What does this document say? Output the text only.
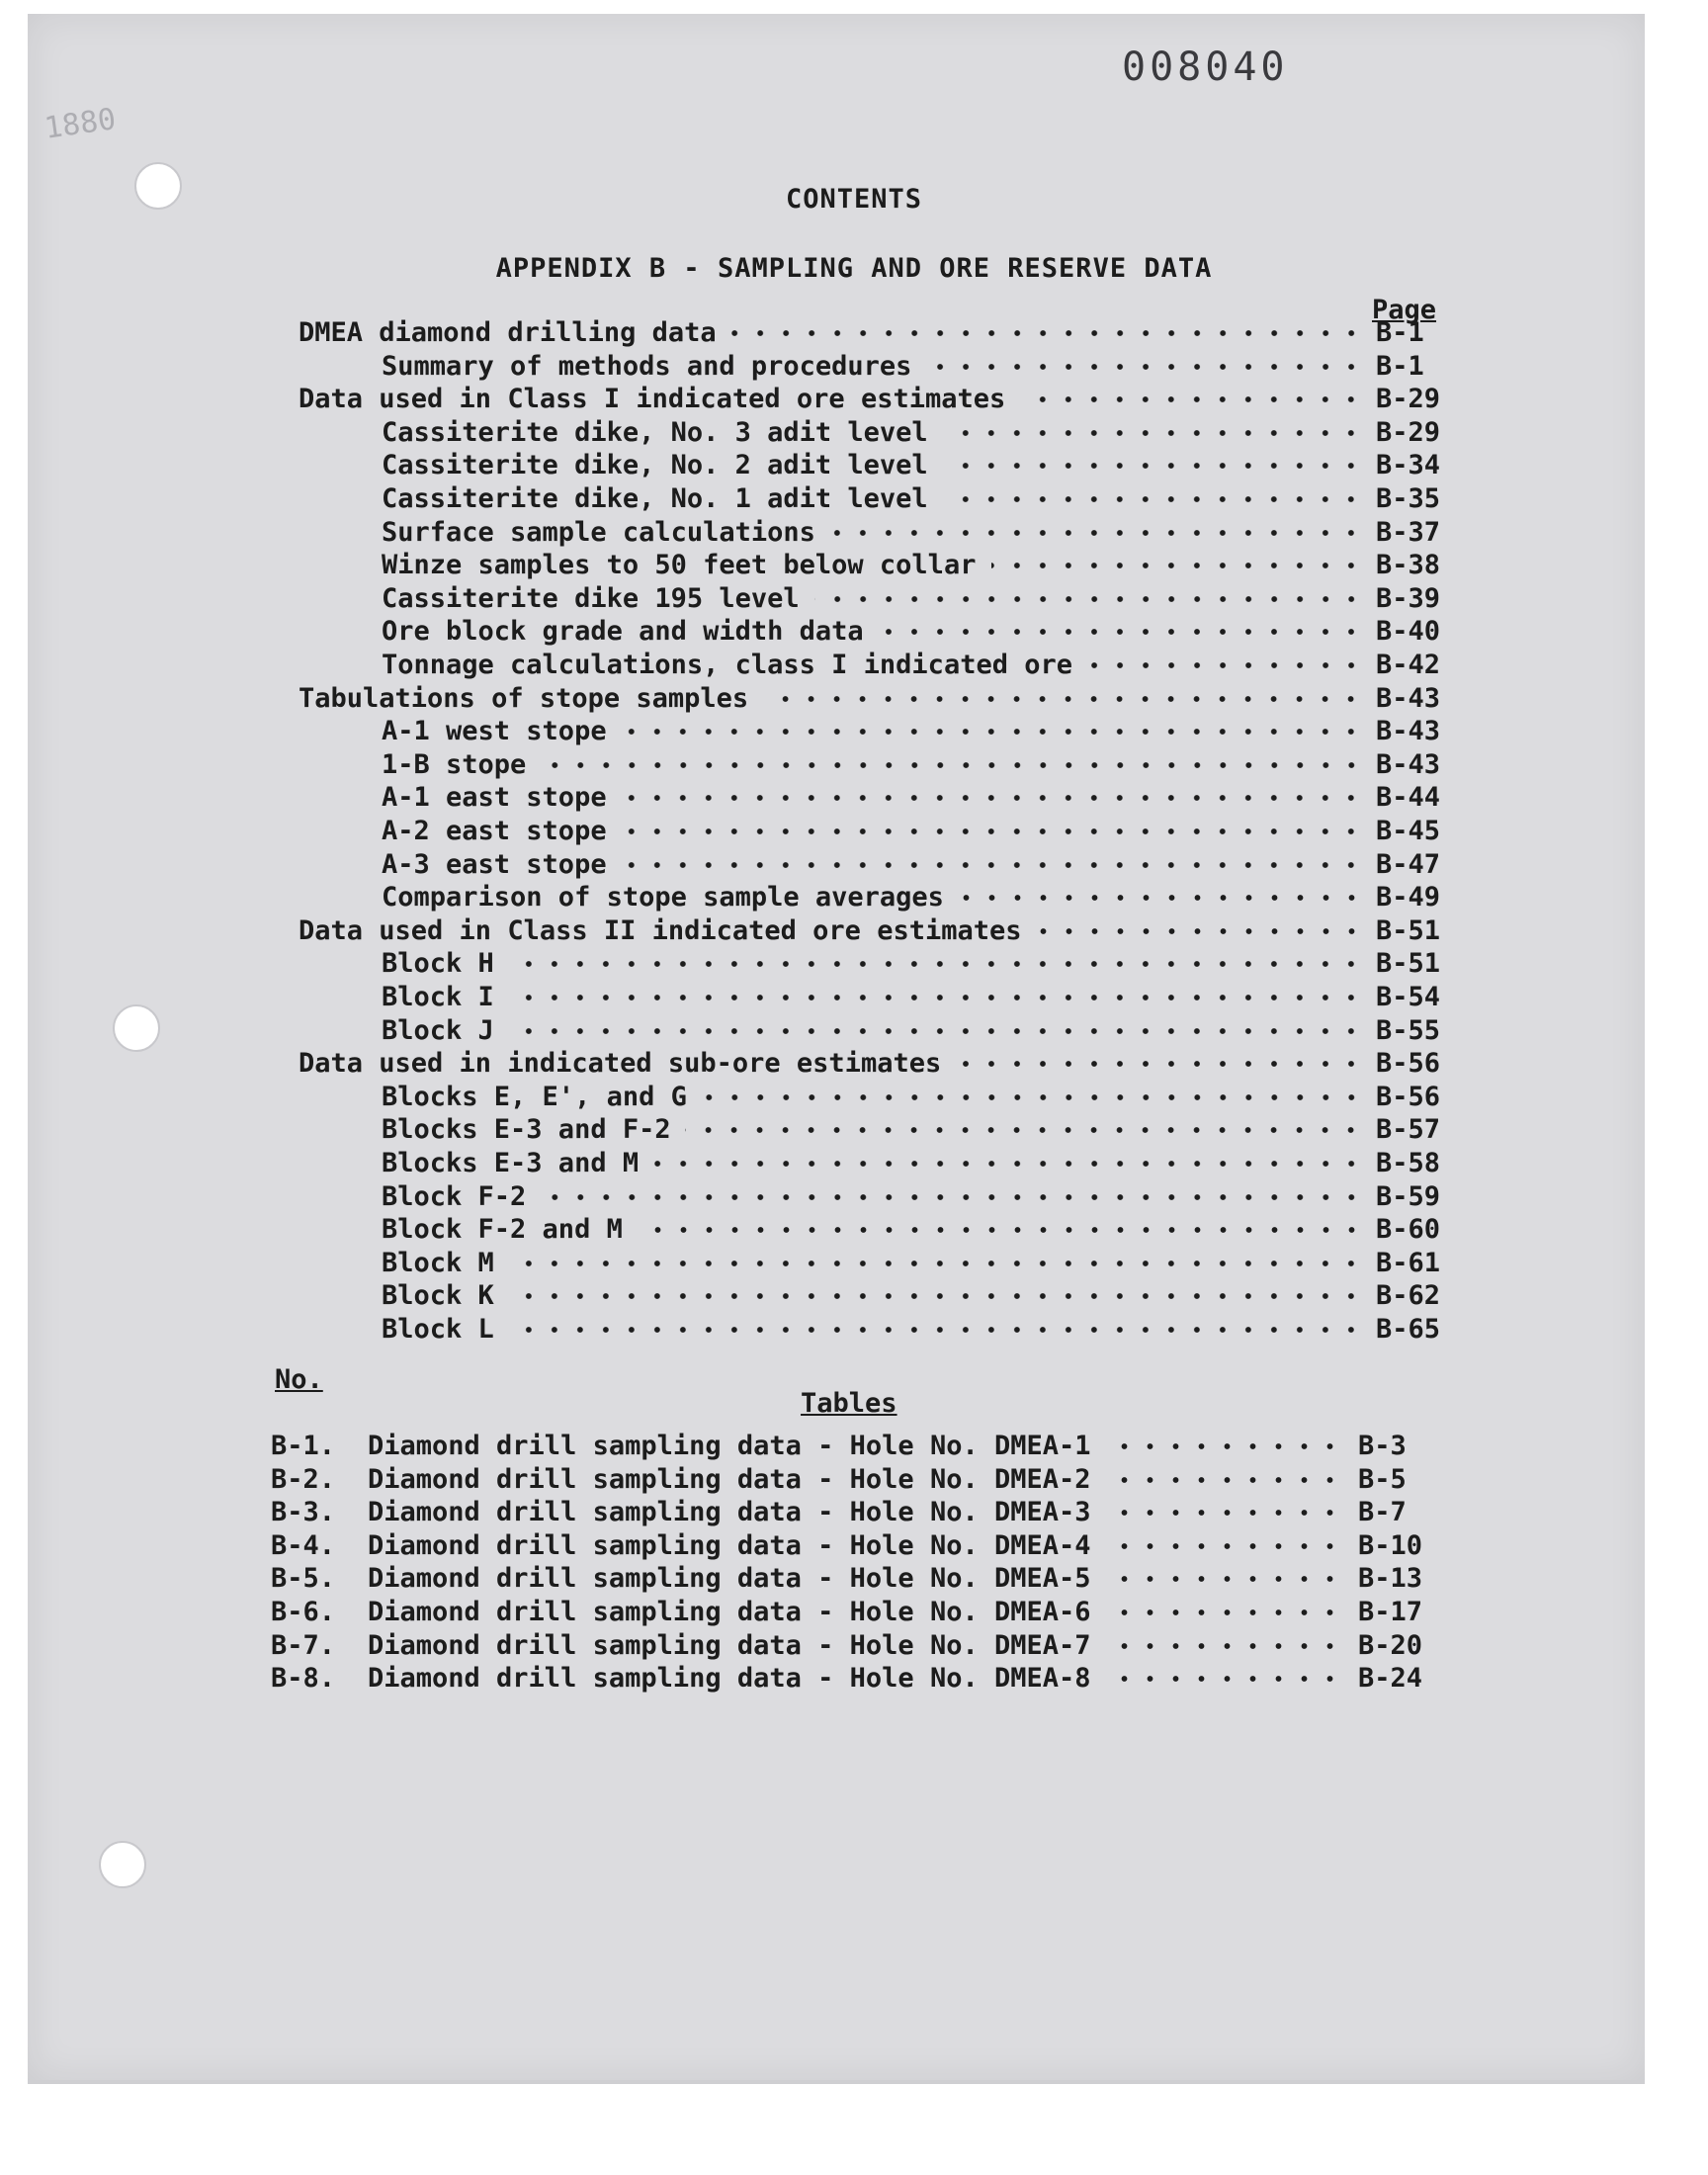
008040
1880
CONTENTS
APPENDIX B - SAMPLING AND ORE RESERVE DATA
Page
DMEA diamond drilling data	B-1
Summary of methods and procedures	B-1
Data used in Class I indicated ore estimates	B-29
Cassiterite dike, No. 3 adit level	B-29
Cassiterite dike, No. 2 adit level	B-34
Cassiterite dike, No. 1 adit level	B-35
Surface sample calculations	B-37
Winze samples to 50 feet below collar	B-38
Cassiterite dike 195 level	B-39
Ore block grade and width data	B-40
Tonnage calculations, class I indicated ore	B-42
Tabulations of stope samples	B-43
A-1 west stope	B-43
1-B stope	B-43
A-1 east stope	B-44
A-2 east stope	B-45
A-3 east stope	B-47
Comparison of stope sample averages	B-49
Data used in Class II indicated ore estimates	B-51
Block H	B-51
Block I	B-54
Block J	B-55
Data used in indicated sub-ore estimates	B-56
Blocks E, E', and G	B-56
Blocks E-3 and F-2	B-57
Blocks E-3 and M	B-58
Block F-2	B-59
Block F-2 and M	B-60
Block M	B-61
Block K	B-62
Block L	B-65
No.
Tables
B-1. Diamond drill sampling data - Hole No. DMEA-1	B-3
B-2. Diamond drill sampling data - Hole No. DMEA-2	B-5
B-3. Diamond drill sampling data - Hole No. DMEA-3	B-7
B-4. Diamond drill sampling data - Hole No. DMEA-4	B-10
B-5. Diamond drill sampling data - Hole No. DMEA-5	B-13
B-6. Diamond drill sampling data - Hole No. DMEA-6	B-17
B-7. Diamond drill sampling data - Hole No. DMEA-7	B-20
B-8. Diamond drill sampling data - Hole No. DMEA-8	B-24
